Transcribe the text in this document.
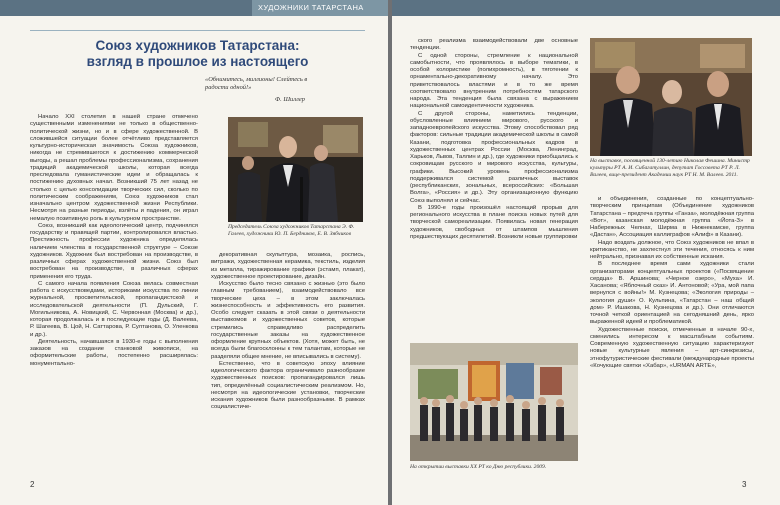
ХУДОЖНИКИ ТАТАРСТАНА
Союз художников Татарстана:
взгляд в прошлое из настоящего
«Обнимитесь, миллионы! Слейтесь в радости одной!»
Ф. Шиллер

Начало XXI столетия в нашей стране отмечено существенными изменениями не только в общественно-политической жизни, но и в сфере художественной. В сложившейся ситуации более отчётливо представляется культурно-историческая значимость Союза художников, никогда не стремившегося к достижению коммерческой выгоды, а решал проблемы профессионализма, сохранения традиций академической школы, которая всегда преследовала гуманистические идеи и обращалась к постижению духовных начал. Возникший 75 лет назад не столько с целью консолидации творческих сил, сколько по политическим соображениям, Союз художников стал изначально центром художественной жизни Республики. Несмотря на разные периоды, взлёты и падения, он играл немалую позитивную роль в культурном пространстве.

Союз, возникший как идеологический центр, подчинялся государству и правящей партии, контролировался властью. Престижность профессии художника определялась наличием членства в государственной структуре – Союзе художников. Художник был востребован на производстве, в различных сферах художественной жизни. Союз был востребован на производстве, в различных сферах применения его труда.

С самого начала появления Союза велась совместная работа с искусствоведами, историками искусства по линии журнальной, просветительской, пропагандистской и исследовательской деятельности (П. Дульский, Г. Могильникова, А. Новицкий, С. Червонная (Москва) и др.), которая продолжалась и в последующие годы (Д. Валеева, Р. Шагеева, В. Цой, Н. Саттарова, Р. Султанова, О. Уленкова и др.).

Деятельность, начавшаяся в 1930-е годы с выполнения заказов на создание станковой живописи, на оформительские работы, постепенно расширялась: монументально-

Председатель Союза художников Татарстана Э. Ф. Галеев, художники Ю. П. Бердников, Е. В. Зябчиков

декоративная скульптура, мозаика, роспись, витражи, художественная керамика, текстиль, изделия из металла, тиражирование графики (эстамп, плакат), художественное проектирование, дизайн.

Искусство было тесно связано с жизнью (это было главным требованием), взаимодействовало все творческие цеха – в этом заключалась жизнеспособность и эффективность его развития. Особо следует сказать в этой связи о деятельности выставкомов и художественных советов, которые стремились справедливо распределить государственные заказы на художественное оформление крупных объектов. (Хотя, может быть, не всегда были благосклонны к тем талантам, которые не разделяли общее мнение, не вписывались в систему).

Естественно, что в советскую эпоху влияние идеологического фактора ограничивало разнообразие художественных поисков: пропагандировался лишь тип, определённый социалистическим реализмом. Но, несмотря на идеологические установки, творческие искания художников были разнообразными. В рамках социалистиче-

2

ского реализма взаимодействовали две основные тенденции.

С одной стороны, стремление к национальной самобытности, что проявлялось в выборе тематики, в особой колористике (полихромность), в тяготении к орнаментально-декоративному началу. Это приветствовалось властями и в то же время соответствовало внутренним потребностям татарского народа. Эта тенденция была связана с выражением национальной самоидентичности художника.

С другой стороны, наметились тенденции, обусловленные влиянием мирового, русского и западноевропейского искусства. Этому способствовал ряд факторов: сильные традиции академической школы в самой Казани, подготовка профессиональных кадров в художественных центрах России (Москва, Ленинград, Харьков, Львов, Таллин и др.), где художники приобщались к сокровищам русского и мирового искусства, культуры, графики. Высокий уровень профессионализма поддерживался системой различных выставок (республиканских, зональных, всероссийских: «Большая Волга», «Россия» и др.). Эту организационную функцию Союз выполнял и сейчас.

В 1990-е годы произошёл настоящий прорыв для регионального искусства в плане поиска новых путей для творческой самореализации. Появилась новая генерация художников, свободных от штампов мышления предшествующих десятилетий. Возникли новые группировки

На выставке, посвященной 130-летию Николая Фешина. Министр культуры РТ А. И. Сибагатуллин, депутат Госсовета РТ Р. Л. Валеев, вице-президент Академии наук РТ Н. М. Валеев. 2011.

и объединения, созданные по концептуально-творческим принципам (Объединение художников Татарстана – предтеча группы «Ганза», молодёжная группа «Вот», казанская молодёжная группа «Йота-З» в Набережных Челнах, Ширма в Нижнекамске, группа «Дастан», Ассоциация каллиграфов «Алиф» в Казани).

Надо воздать должное, что Союз художников не впал в критиканство, не захлестнул эти течения, относясь к ним нейтрально, признавая их собственные искания.

В последнее время сами художники стали организаторами концептуальных проектов («Посвящение сердца» В. Аршинова; «Черное озеро», «Муха» И. Хасанова; «Яблочный сказ» И. Антоновой; «Ура, мой папа вернулся с войны!» М. Кузнецова; «Экология природы – экология души» О. Кульпина, «Татарстан – наш общий дом» Р. Ишакова, Н. Кузнецова и др.). Они отличаются точной четкой ориентацией на сегодняшний день, ярко выраженной идеей и проблематикой.

Художественные поиски, отмеченные в начале 90-х, сменились интересом к масштабным событиям. Современную художественную ситуацию характеризуют новые культурные явления – арт-синкрезисы, этнофутуристические фестивали (международные проекты «Кочующие святки «Хабар», «URMAN ARTЕ»,

На открытии выставки ХХ РТ ко Дню республики. 2009.
3
